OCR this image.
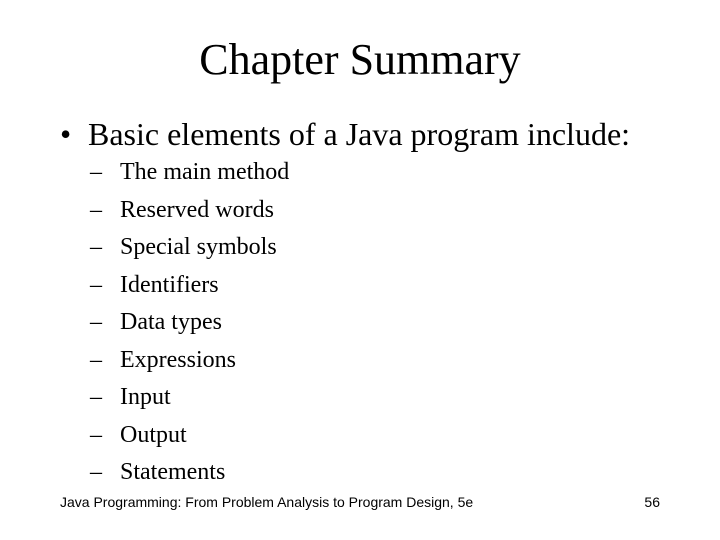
Chapter Summary
• Basic elements of a Java program include:
– The main method
– Reserved words
– Special symbols
– Identifiers
– Data types
– Expressions
– Input
– Output
– Statements
Java Programming: From Problem Analysis to Program Design, 5e	56
